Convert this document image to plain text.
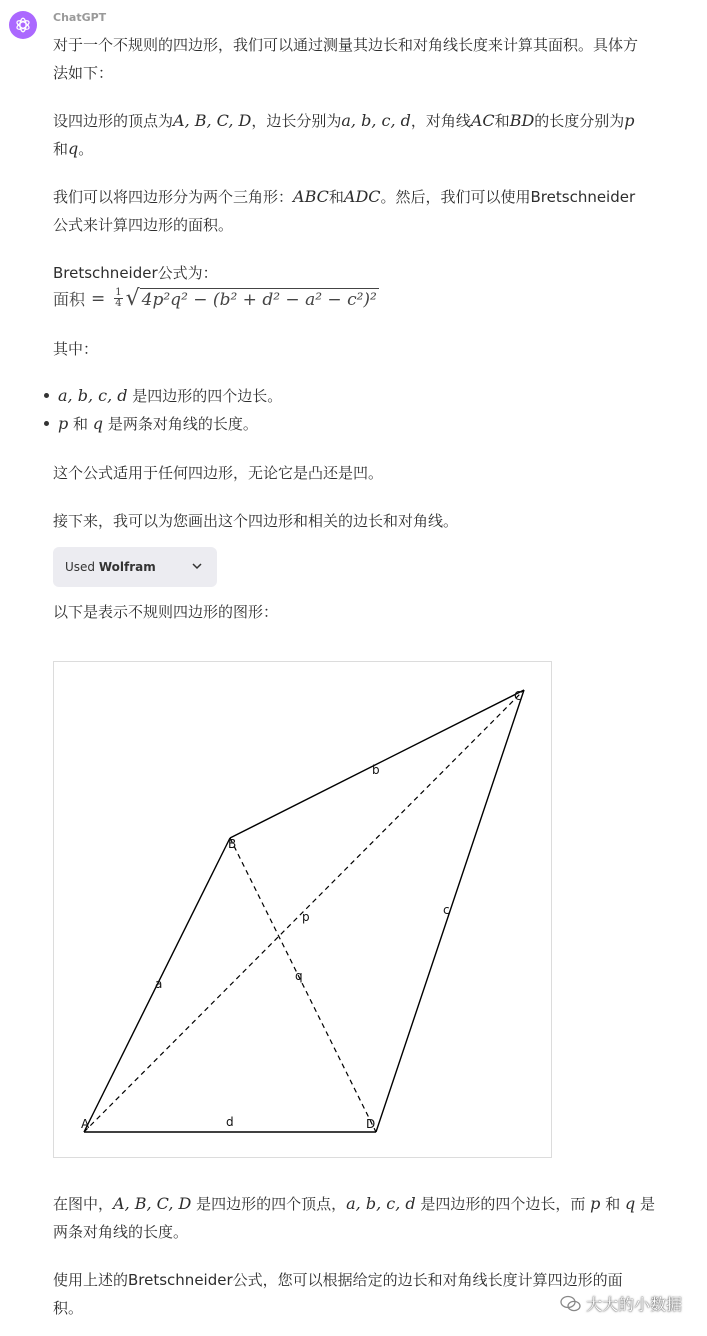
ChatGPT
对于一个不规则的四边形，我们可以通过测量其边长和对角线长度来计算其面积。具体方
法如下：
设四边形的顶点为A, B, C, D，边长分别为a, b, c, d，对角线AC和BD的长度分别为p
和q。
我们可以将四边形分为两个三角形：ABC和ADC。然后，我们可以使用Bretschneider
公式来计算四边形的面积。
Bretschneider公式为：
面积 = $\frac{1}{4}$ √ 4p²q² − (b² + d² − a² − c²)²
其中：
a, b, c, d 是四边形的四个边长。
p 和 q 是两条对角线的长度。
这个公式适用于任何四边形，无论它是凸还是凹。
接下来，我可以为您画出这个四边形和相关的边长和对角线。
Used
Wolfram
以下是表示不规则四边形的图形：
A
B
C
D
a
b
c
d
p
q
在图中，A, B, C, D 是四边形的四个顶点，a, b, c, d 是四边形的四个边长，而 p 和 q 是
两条对角线的长度。
使用上述的Bretschneider公式，您可以根据给定的边长和对角线长度计算四边形的面
积。	大大的小数据
